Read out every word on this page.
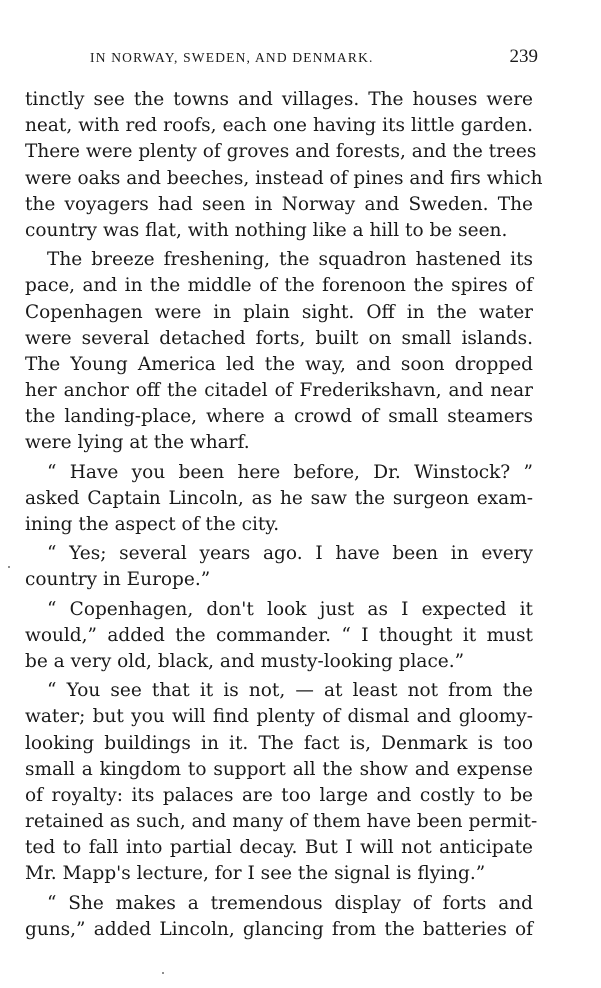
IN NORWAY, SWEDEN, AND DENMARK.	239
tinctly see the towns and villages. The houses were
neat, with red roofs, each one having its little garden.
There were plenty of groves and forests, and the trees
were oaks and beeches, instead of pines and firs which
the voyagers had seen in Norway and Sweden. The
country was flat, with nothing like a hill to be seen.
The breeze freshening, the squadron hastened its
pace, and in the middle of the forenoon the spires of
Copenhagen were in plain sight. Off in the water
were several detached forts, built on small islands.
The Young America led the way, and soon dropped
her anchor off the citadel of Frederikshavn, and near
the landing-place, where a crowd of small steamers
were lying at the wharf.
“ Have you been here before, Dr. Winstock? ”
asked Captain Lincoln, as he saw the surgeon exam-
ining the aspect of the city.
“ Yes; several years ago. I have been in every
country in Europe.”
“ Copenhagen, don't look just as I expected it
would,” added the commander. “ I thought it must
be a very old, black, and musty-looking place.”
“ You see that it is not, — at least not from the
water; but you will find plenty of dismal and gloomy-
looking buildings in it. The fact is, Denmark is too
small a kingdom to support all the show and expense
of royalty: its palaces are too large and costly to be
retained as such, and many of them have been permit-
ted to fall into partial decay. But I will not anticipate
Mr. Mapp's lecture, for I see the signal is flying.”
“ She makes a tremendous display of forts and
guns,” added Lincoln, glancing from the batteries of
